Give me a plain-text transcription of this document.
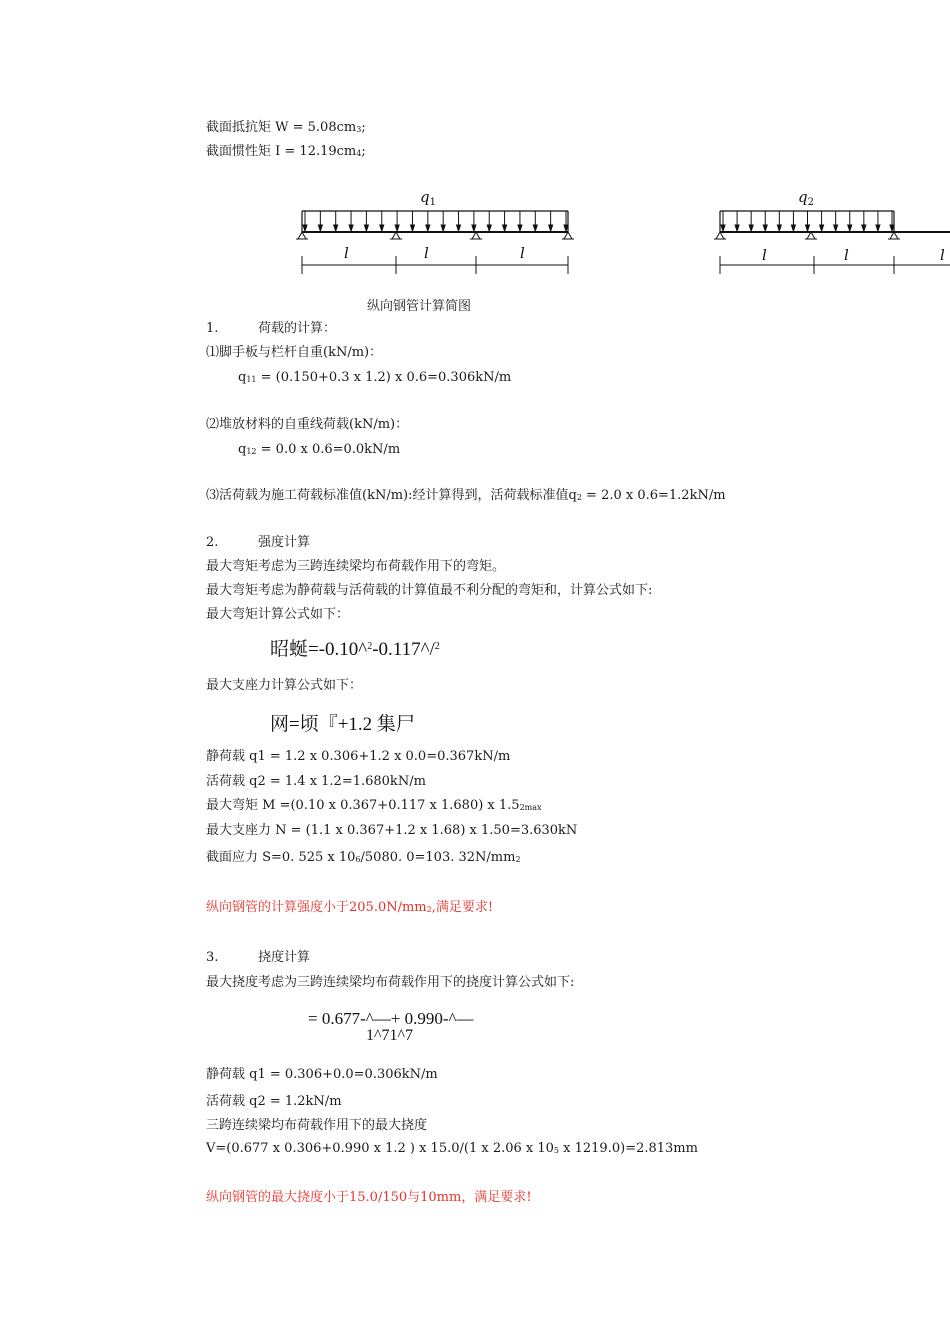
截面抵抗矩 W = 5.08cm3;
截面惯性矩 I = 12.19cm4;
$q_1$
l	l	l
$q_2$
l	l	l
纵向钢管计算简图
1.	荷载的计算：
⑴脚手板与栏杆自重(kN/m)：
q11 = (0.150+0.3 x 1.2) x 0.6=0.306kN/m
⑵堆放材料的自重线荷载(kN/m)：
q12 = 0.0 x 0.6=0.0kN/m
⑶活荷载为施工荷载标准值(kN/m):经计算得到，活荷载标准值q2 = 2.0 x 0.6=1.2kN/m
2.	强度计算
最大弯矩考虑为三跨连续梁均布荷载作用下的弯矩。
最大弯矩考虑为静荷载与活荷载的计算值最不利分配的弯矩和，计算公式如下:
最大弯矩计算公式如下：
昭蜒=-0.10^$^2$-0.117^/$^2$
最大支座力计算公式如下：
网=顷『+1.2 集尸
静荷载 q1 = 1.2 x 0.306+1.2 x 0.0=0.367kN/m
活荷载 q2 = 1.4 x 1.2=1.680kN/m
最大弯矩 M =(0.10 x 0.367+0.117 x 1.680) x 1.52max
最大支座力 N = (1.1 x 0.367+1.2 x 1.68) x 1.50=3.630kN
截面应力 S=0. 525 x 106/5080. 0=103. 32N/mm2
纵向钢管的计算强度小于205.0N/mm2,满足要求!
3.	挠度计算
最大挠度考虑为三跨连续梁均布荷载作用下的挠度计算公式如下:
= 0.677-^—+ 0.990-^—
1^71^7
静荷载 q1 = 0.306+0.0=0.306kN/m
活荷载 q2 = 1.2kN/m
三跨连续梁均布荷载作用下的最大挠度
V=(0.677 x 0.306+0.990 x 1.2 ) x 15.0/(1 x 2.06 x 105 x 1219.0)=2.813mm
纵向钢管的最大挠度小于15.0/150与10mm，满足要求!
